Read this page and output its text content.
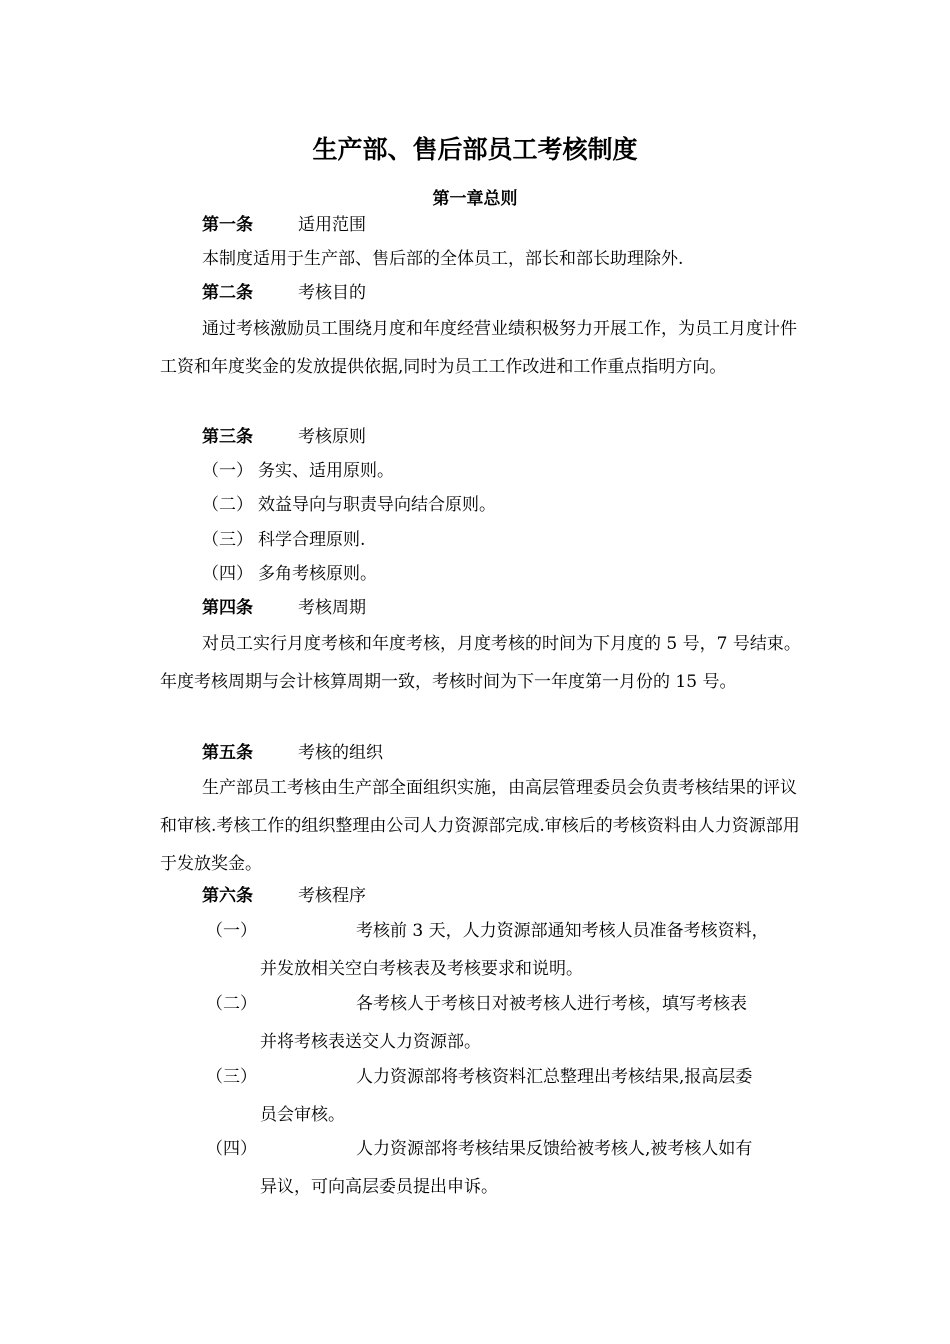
生产部、售后部员工考核制度
第一章总则
第一条	适用范围
本制度适用于生产部、售后部的全体员工，部长和部长助理除外.
第二条	考核目的
通过考核激励员工围绕月度和年度经营业绩积极努力开展工作，为员工月度计件工资和年度奖金的发放提供依据,同时为员工工作改进和工作重点指明方向。
第三条	考核原则
（一） 务实、适用原则。
（二） 效益导向与职责导向结合原则。
（三） 科学合理原则.
（四） 多角考核原则。
第四条	考核周期
对员工实行月度考核和年度考核，月度考核的时间为下月度的 5 号，7 号结束。年度考核周期与会计核算周期一致，考核时间为下一年度第一月份的 15 号。
第五条	考核的组织
生产部员工考核由生产部全面组织实施，由高层管理委员会负责考核结果的评议和审核.考核工作的组织整理由公司人力资源部完成.审核后的考核资料由人力资源部用于发放奖金。
第六条	考核程序
（一）	考核前 3 天，人力资源部通知考核人员准备考核资料，
并发放相关空白考核表及考核要求和说明。
（二）	各考核人于考核日对被考核人进行考核，填写考核表
并将考核表送交人力资源部。
（三）	人力资源部将考核资料汇总整理出考核结果,报高层委
员会审核。
（四）	人力资源部将考核结果反馈给被考核人,被考核人如有
异议，可向高层委员提出申诉。
